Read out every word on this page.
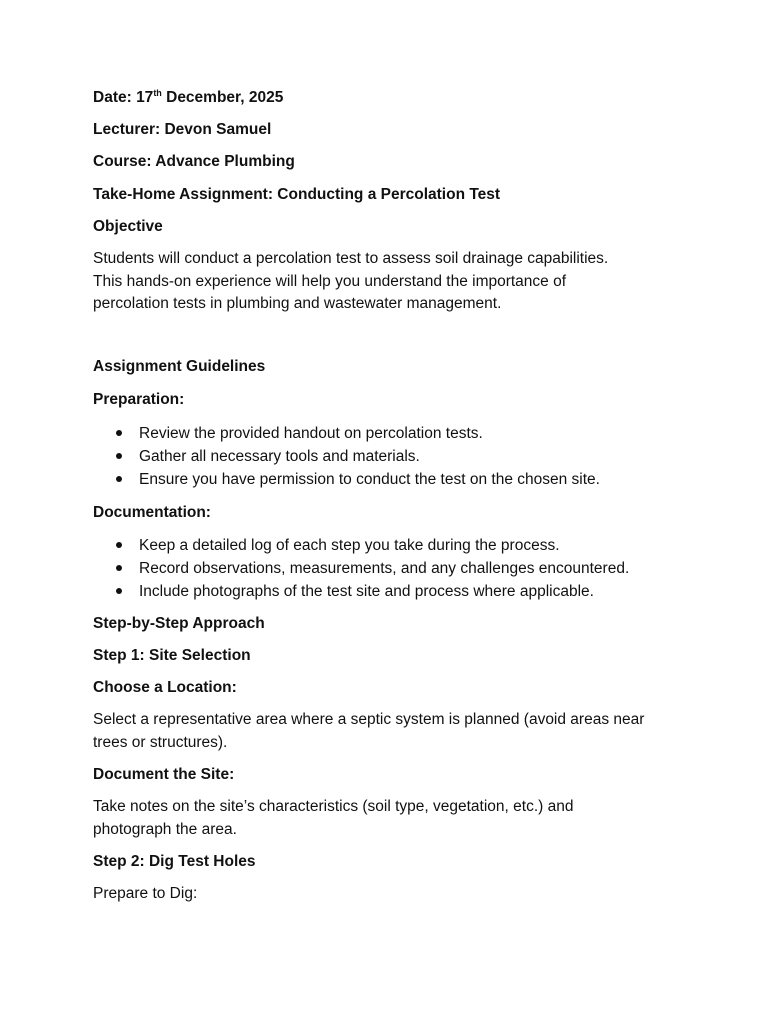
Date: 17th December, 2025

Lecturer: Devon Samuel

Course: Advance Plumbing

Take-Home Assignment: Conducting a Percolation Test

Objective

Students will conduct a percolation test to assess soil drainage capabilities.
This hands-on experience will help you understand the importance of
percolation tests in plumbing and wastewater management.

Assignment Guidelines

Preparation:

Review the provided handout on percolation tests.
Gather all necessary tools and materials.
Ensure you have permission to conduct the test on the chosen site.

Documentation:

Keep a detailed log of each step you take during the process.
Record observations, measurements, and any challenges encountered.
Include photographs of the test site and process where applicable.

Step-by-Step Approach

Step 1: Site Selection

Choose a Location:

Select a representative area where a septic system is planned (avoid areas near
trees or structures).

Document the Site:

Take notes on the site’s characteristics (soil type, vegetation, etc.) and
photograph the area.

Step 2: Dig Test Holes

Prepare to Dig:
